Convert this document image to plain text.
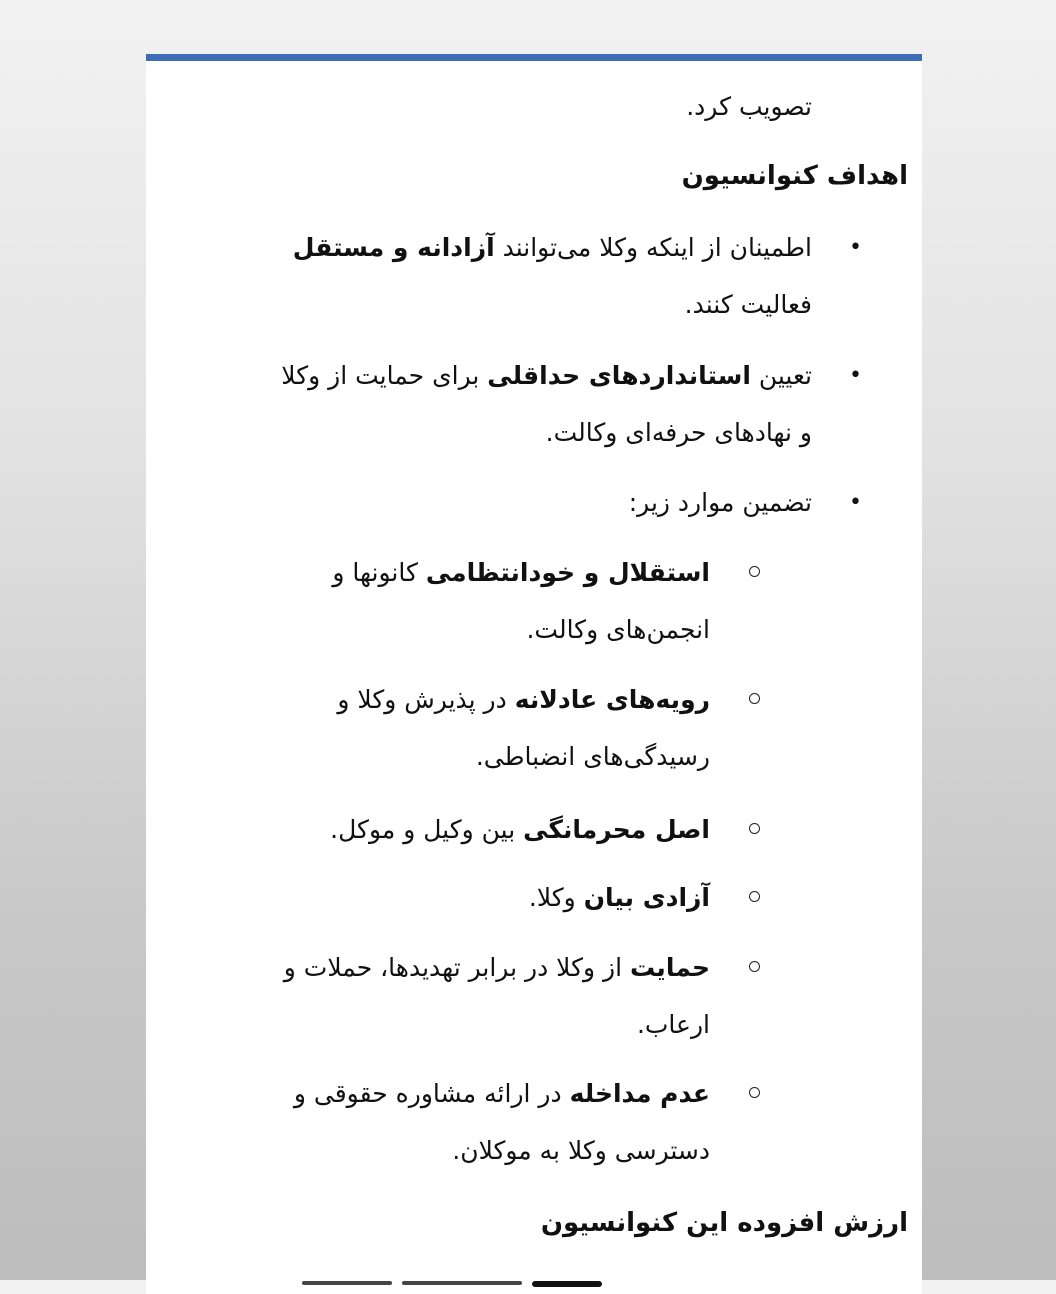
تصویب کرد.
اهداف کنوانسیون
•
اطمینان از اینکه وکلا می‌توانند آزادانه و مستقل
فعالیت کنند.
•
تعیین استانداردهای حداقلی برای حمایت از وکلا
و نهادهای حرفه‌ای وکالت.
•
تضمین موارد زیر:
استقلال و خودانتظامی کانونها و
انجمن‌های وکالت.
رویه‌های عادلانه در پذیرش وکلا و
رسیدگی‌های انضباطی.
اصل محرمانگی بین وکیل و موکل.
آزادی بیان وکلا.
حمایت از وکلا در برابر تهدیدها، حملات و
ارعاب.
عدم مداخله در ارائه مشاوره حقوقی و
دسترسی وکلا به موکلان.
ارزش افزوده این کنوانسیون
